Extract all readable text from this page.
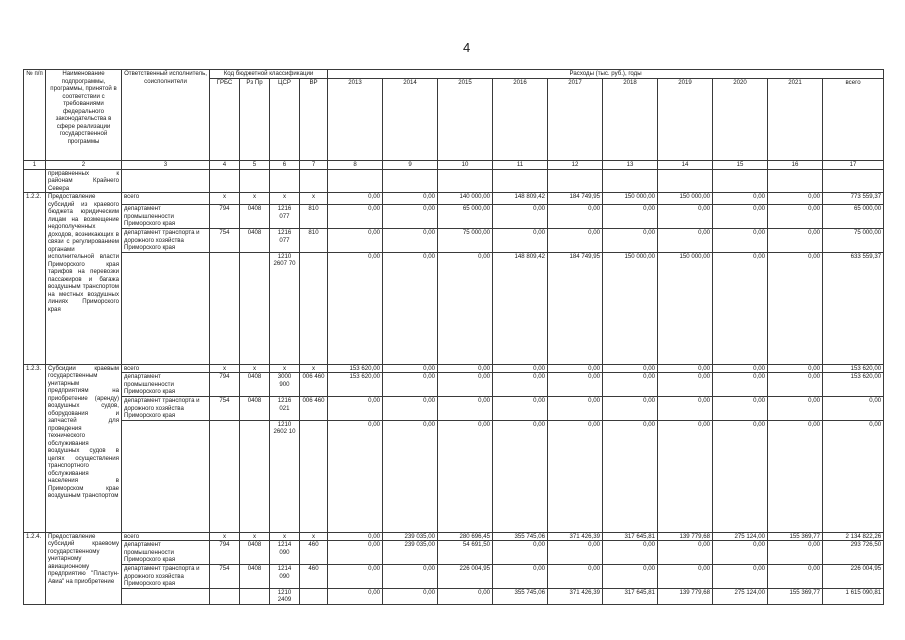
4
№ п/п	Наименование подпрограммы, программы, принятой в соответствии с требованиями федерального законодательства в сфере реализации государственной программы	Ответственный исполнитель, соисполнители	Код бюджетной классификации				Расходы (тыс. руб.), годы									
			ГРБС	Рз Пр	ЦСР	ВР	2013	2014	2015	2016	2017	2018	2019	2020	2021	всего
1	2	3	4	5	6	7	8	9	10	11	12	13	14	15	16	17
	приравненных к районам Крайнего Севера															
1.2.2.	Предоставление субсидий из краевого бюджета юридическим лицам на возмещение недополученных доходов, возникающих в связи с регулированием органами исполнительной власти Приморского края тарифов на перевозки пассажиров и багажа воздушным транспортом на местных воздушных линиях Приморского края	всего	х	х	х	х	0,00	0,00	140 000,00	148 809,42	184 749,95	150 000,00	150 000,00	0,00	0,00	773 559,37
		департамент промышленности Приморского края	794	0408	1216 077	810	0,00	0,00	65 000,00	0,00	0,00	0,00	0,00	0,00	0,00	65 000,00
		департамент транспорта и дорожного хозяйства Приморского края	754	0408	1216 077	810	0,00	0,00	75 000,00	0,00	0,00	0,00	0,00	0,00	0,00	75 000,00
					1210 2607 70		0,00	0,00	0,00	148 809,42	184 749,95	150 000,00	150 000,00	0,00	0,00	633 559,37
1.2.3.	Субсидии краевым государственным унитарным предприятиям на приобретение (аренду) воздушных судов, оборудования и запчастей для проведения технического обслуживания воздушных судов в целях осуществления транспортного обслуживания населения в Приморском крае воздушным транспортом	всего	х	х	х	х	153 620,00	0,00	0,00	0,00	0,00	0,00	0,00	0,00	0,00	153 620,00
		департамент промышленности Приморского края	794	0408	3000 900	006 460	153 620,00	0,00	0,00	0,00	0,00	0,00	0,00	0,00	0,00	153 620,00
		департамент транспорта и дорожного хозяйства Приморского края	754	0408	1216 021	006 460	0,00	0,00	0,00	0,00	0,00	0,00	0,00	0,00	0,00	0,00
					1210 2602 10		0,00	0,00	0,00	0,00	0,00	0,00	0,00	0,00	0,00	0,00
1.2.4.	Предоставление субсидий краевому государственному унитарному авиационному предприятию "Пластун-Авиа" на приобретение	всего	х	х	х	х	0,00	239 035,00	280 696,45	355 745,06	371 426,39	317 645,81	139 779,68	275 124,00	155 369,77	2 134 822,26
		департамент промышленности Приморского края	794	0408	1214 090	460	0,00	239 035,00	54 691,50	0,00	0,00	0,00	0,00	0,00	0,00	293 726,50
		департамент транспорта и дорожного хозяйства Приморского края	754	0408	1214 090	460	0,00	0,00	226 004,95	0,00	0,00	0,00	0,00	0,00	0,00	226 004,95
					1210 2409		0,00	0,00	0,00	355 745,06	371 426,39	317 645,81	139 779,68	275 124,00	155 369,77	1 615 090,81
